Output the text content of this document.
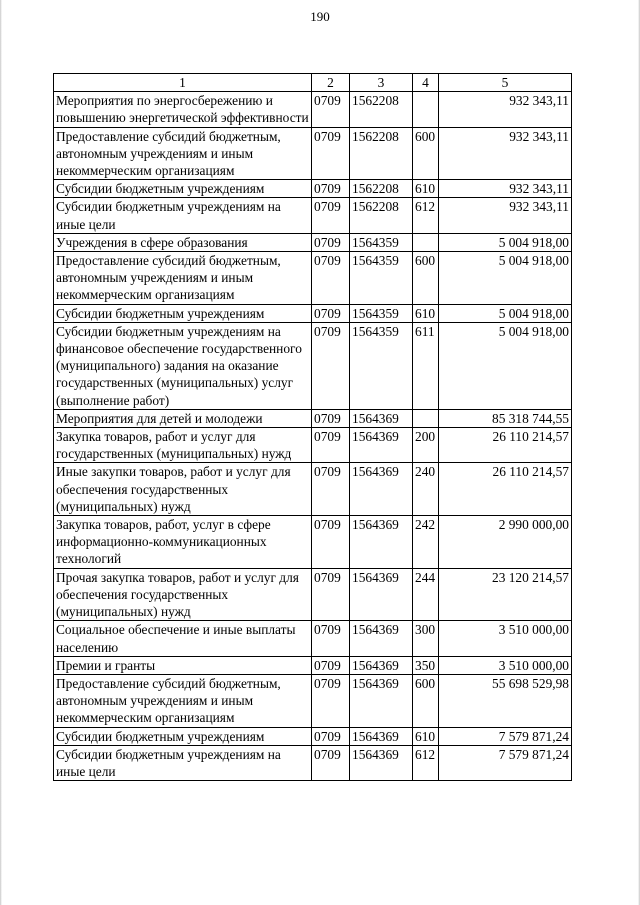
190
1	2	3	4	5
Мероприятия по энергосбережению и повышению энергетической эффективности	0709	1562208		932 343,11
Предоставление субсидий бюджетным, автономным учреждениям и иным некоммерческим организациям	0709	1562208	600	932 343,11
Субсидии бюджетным учреждениям	0709	1562208	610	932 343,11
Субсидии бюджетным учреждениям на иные цели	0709	1562208	612	932 343,11
Учреждения в сфере образования	0709	1564359		5 004 918,00
Предоставление субсидий бюджетным, автономным учреждениям и иным некоммерческим организациям	0709	1564359	600	5 004 918,00
Субсидии бюджетным учреждениям	0709	1564359	610	5 004 918,00
Субсидии бюджетным учреждениям на финансовое обеспечение государственного (муниципального) задания на оказание государственных (муниципальных) услуг (выполнение работ)	0709	1564359	611	5 004 918,00
Мероприятия для детей и молодежи	0709	1564369		85 318 744,55
Закупка товаров, работ и услуг для государственных (муниципальных) нужд	0709	1564369	200	26 110 214,57
Иные закупки товаров, работ и услуг для обеспечения государственных (муниципальных) нужд	0709	1564369	240	26 110 214,57
Закупка товаров, работ, услуг в сфере информационно-коммуникационных технологий	0709	1564369	242	2 990 000,00
Прочая закупка товаров, работ и услуг для обеспечения государственных (муниципальных) нужд	0709	1564369	244	23 120 214,57
Социальное обеспечение и иные выплаты населению	0709	1564369	300	3 510 000,00
Премии и гранты	0709	1564369	350	3 510 000,00
Предоставление субсидий бюджетным, автономным учреждениям и иным некоммерческим организациям	0709	1564369	600	55 698 529,98
Субсидии бюджетным учреждениям	0709	1564369	610	7 579 871,24
Субсидии бюджетным учреждениям на иные цели	0709	1564369	612	7 579 871,24
